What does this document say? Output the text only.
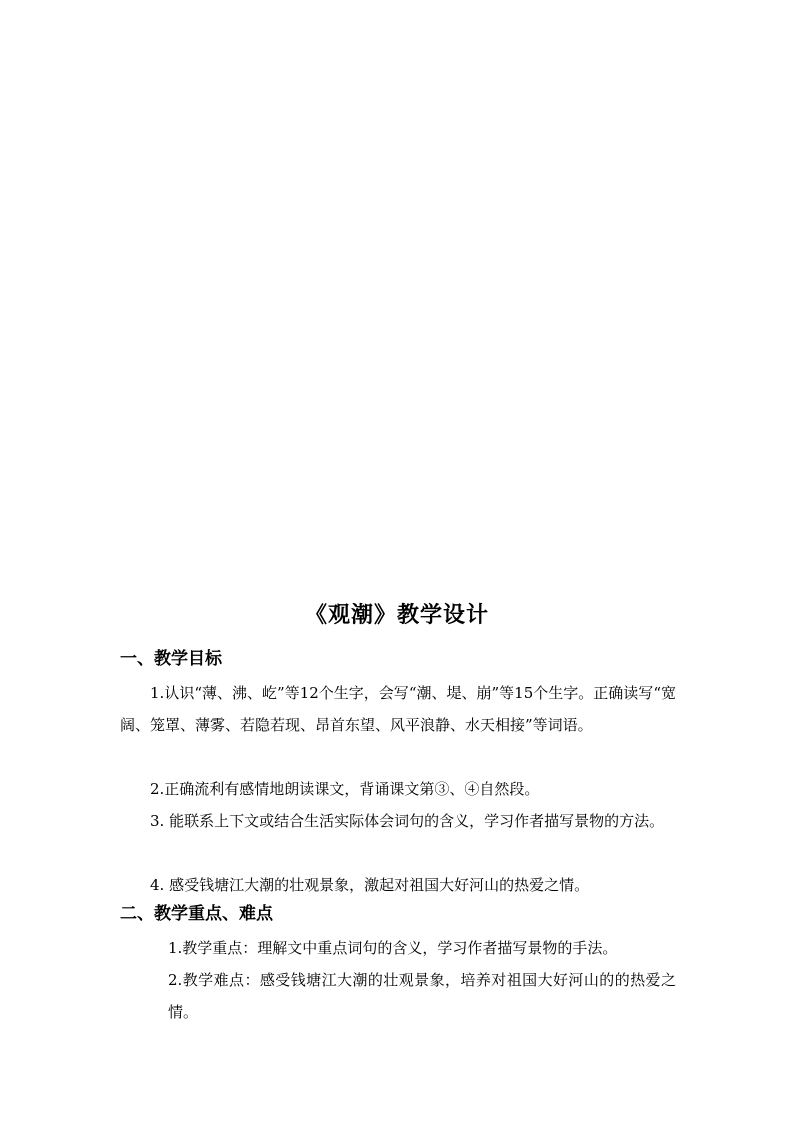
《观潮》教学设计
一、教学目标
1.认识“薄、沸、屹”等12个生字，会写“潮、堤、崩”等15个生字。正确读写“宽阔、笼罩、薄雾、若隐若现、昂首东望、风平浪静、水天相接”等词语。
2.正确流利有感情地朗读课文，背诵课文第③、④自然段。
3. 能联系上下文或结合生活实际体会词句的含义，学习作者描写景物的方法。
4. 感受钱塘江大潮的壮观景象，激起对祖国大好河山的热爱之情。
二、教学重点、难点
1.教学重点：理解文中重点词句的含义，学习作者描写景物的手法。
2.教学难点：感受钱塘江大潮的壮观景象，培养对祖国大好河山的的热爱之情。
